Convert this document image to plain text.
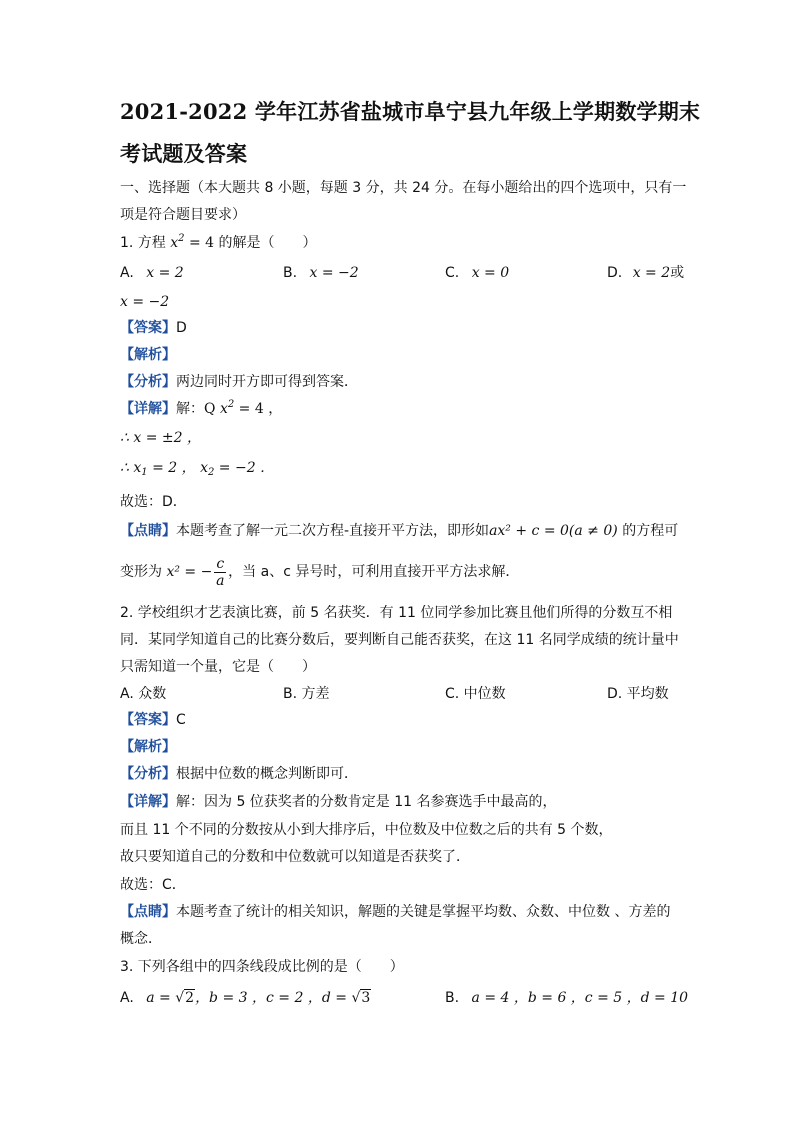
2021-2022 学年江苏省盐城市阜宁县九年级上学期数学期末
考试题及答案
一、选择题（本大题共 8 小题，每题 3 分，共 24 分。在每小题给出的四个选项中，只有一
项是符合题目要求）
1. 方程 $x^2 = 4$ 的解是（　　）
A. x = 2	B. x = −2	C. x = 0	D. x = 2或
x = −2
【答案】D
【解析】
【分析】两边同时开方即可得到答案．
【详解】解：Q $x^2 = 4$ ，
∴ x = ±2 ，
∴ $x_1 = 2$ ， $x_2 = -2$ ．
故选：D．
【点睛】本题考查了解一元二次方程-直接开平方法，即形如ax² + c = 0(a ≠ 0) 的方程可
变形为 x² = − $\frac{c}{a}$ ，当 a、c 异号时，可利用直接开平方法求解．
2. 学校组织才艺表演比赛，前 5 名获奖．有 11 位同学参加比赛且他们所得的分数互不相
同．某同学知道自己的比赛分数后，要判断自己能否获奖，在这 11 名同学成绩的统计量中
只需知道一个量，它是（　　）
A. 众数	B. 方差	C. 中位数	D. 平均数
【答案】C
【解析】
【分析】根据中位数的概念判断即可．
【详解】解：因为 5 位获奖者的分数肯定是 11 名参赛选手中最高的，
而且 11 个不同的分数按从小到大排序后，中位数及中位数之后的共有 5 个数，
故只要知道自己的分数和中位数就可以知道是否获奖了．
故选：C．
【点睛】本题考查了统计的相关知识，解题的关键是掌握平均数、众数、中位数 、方差的
概念．
3. 下列各组中的四条线段成比例的是（　　）
A. a = √2，b = 3 ，c = 2 ，d = √3	B. a = 4 ，b = 6 ，c = 5 ，d = 10
